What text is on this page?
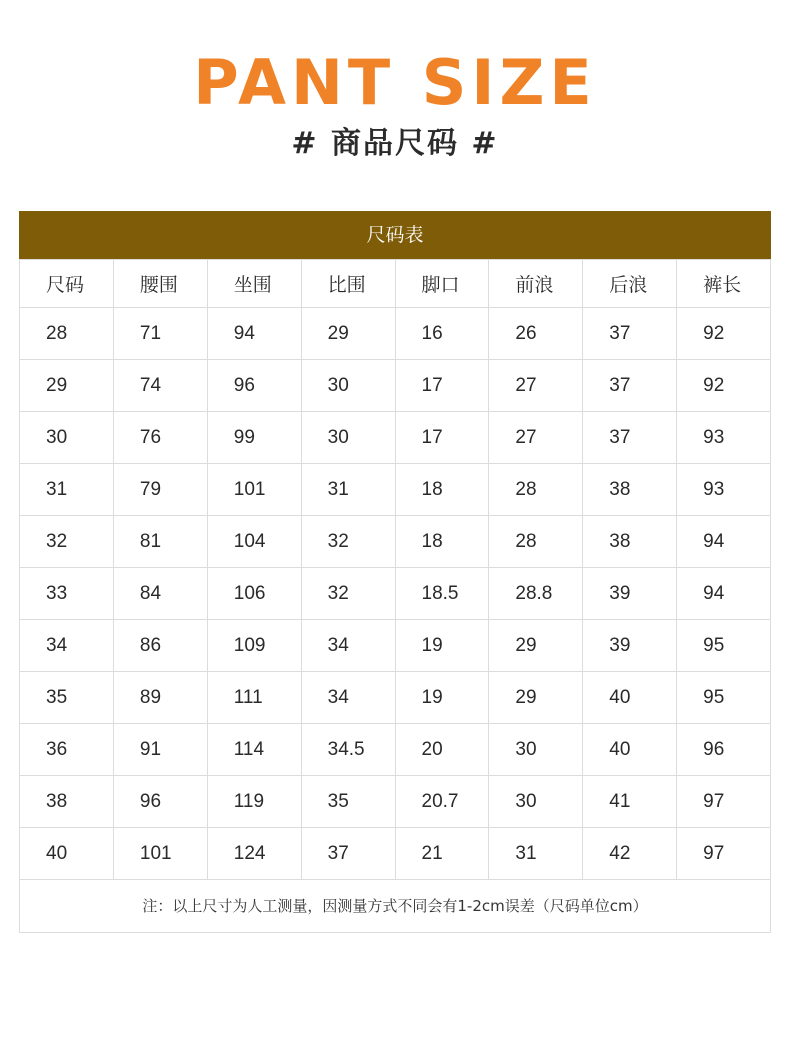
PANT SIZE
# 商品尺码 #
尺码表
尺码	腰围	坐围	比围	脚口	前浪	后浪	裤长
28	71	94	29	16	26	37	92
29	74	96	30	17	27	37	92
30	76	99	30	17	27	37	93
31	79	101	31	18	28	38	93
32	81	104	32	18	28	38	94
33	84	106	32	18.5	28.8	39	94
34	86	109	34	19	29	39	95
35	89	111	34	19	29	40	95
36	91	114	34.5	20	30	40	96
38	96	119	35	20.7	30	41	97
40	101	124	37	21	31	42	97
注：以上尺寸为人工测量，因测量方式不同会有1-2cm误差（尺码单位cm）
